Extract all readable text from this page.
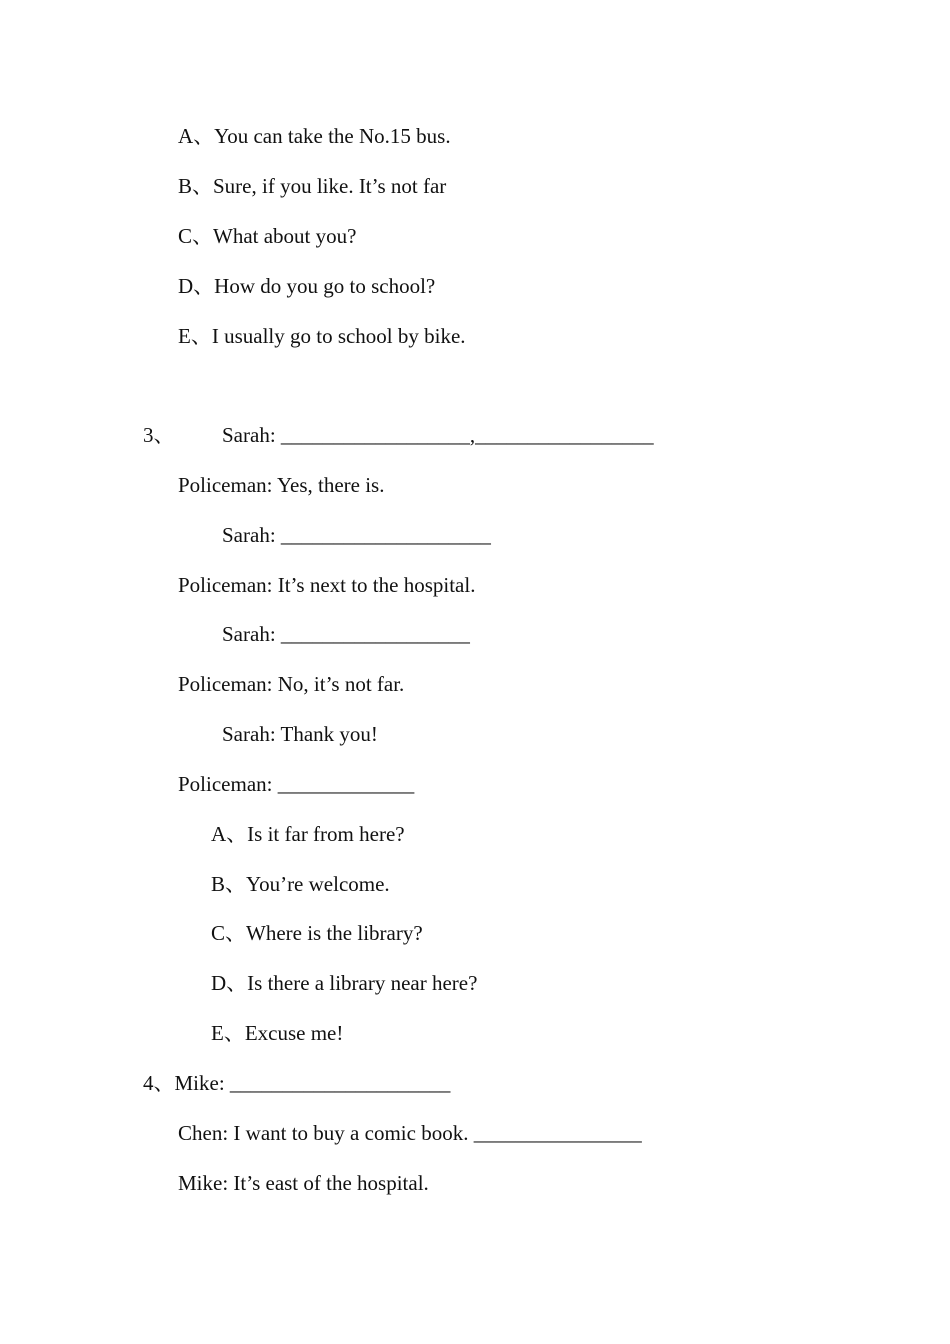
A、You can take the No.15 bus.
B、Sure, if you like. It’s not far
C、What about you?
D、How do you go to school?
E、I usually go to school by bike.
3、 Sarah: __________________,_________________
Policeman: Yes, there is.
Sarah: ____________________
Policeman: It’s next to the hospital.
Sarah: __________________
Policeman: No, it’s not far.
Sarah: Thank you!
Policeman: _____________
A、Is it far from here?
B、You’re welcome.
C、Where is the library?
D、Is there a library near here?
E、Excuse me!
4、Mike: _____________________
Chen: I want to buy a comic book. ________________
Mike: It’s east of the hospital.
